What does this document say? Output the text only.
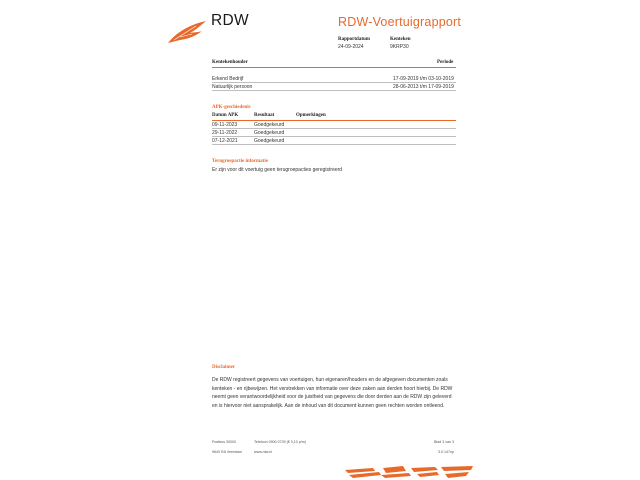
RDW	RDW-Voertuigrapport
Rapportdatum
24-09-2024
Kenteken
9KRP30
Kentekenhouder	Periode
Erkend Bedrijf	17-09-2019 t/m 03-10-2019
Natuurlijk persoon	28-06-2013 t/m 17-09-2019
APK-geschiedenis
Datum APK	Resultaat	Opmerkingen
09-11-2023	Goedgekeurd
29-11-2022	Goedgekeurd
07-12-2021	Goedgekeurd
Terugroepactie informatie
Er zijn voor dit voertuig geen terugroepacties geregistreerd
Disclaimer
De RDW registreert gegevens van voertuigen, hun eigenaren/houders en de afgegeven documenten zoals kenteken - en rijbewijzen. Het verstrekken van informatie over deze zaken aan derden hoort hierbij. De RDW neemt geen verantwoordelijkheid voor de juistheid van gegevens die door derden aan de RDW zijn geleverd en is hiervoor niet aansprakelijk. Aan de inhoud van dit document kunnen geen rechten worden ontleend.
Postbus 30000
9640 RA Veendam
Telefoon 0900 0739 (€ 0,10 p/m)
www.rdw.nl
Blad 3 van 3
3.0.147np
